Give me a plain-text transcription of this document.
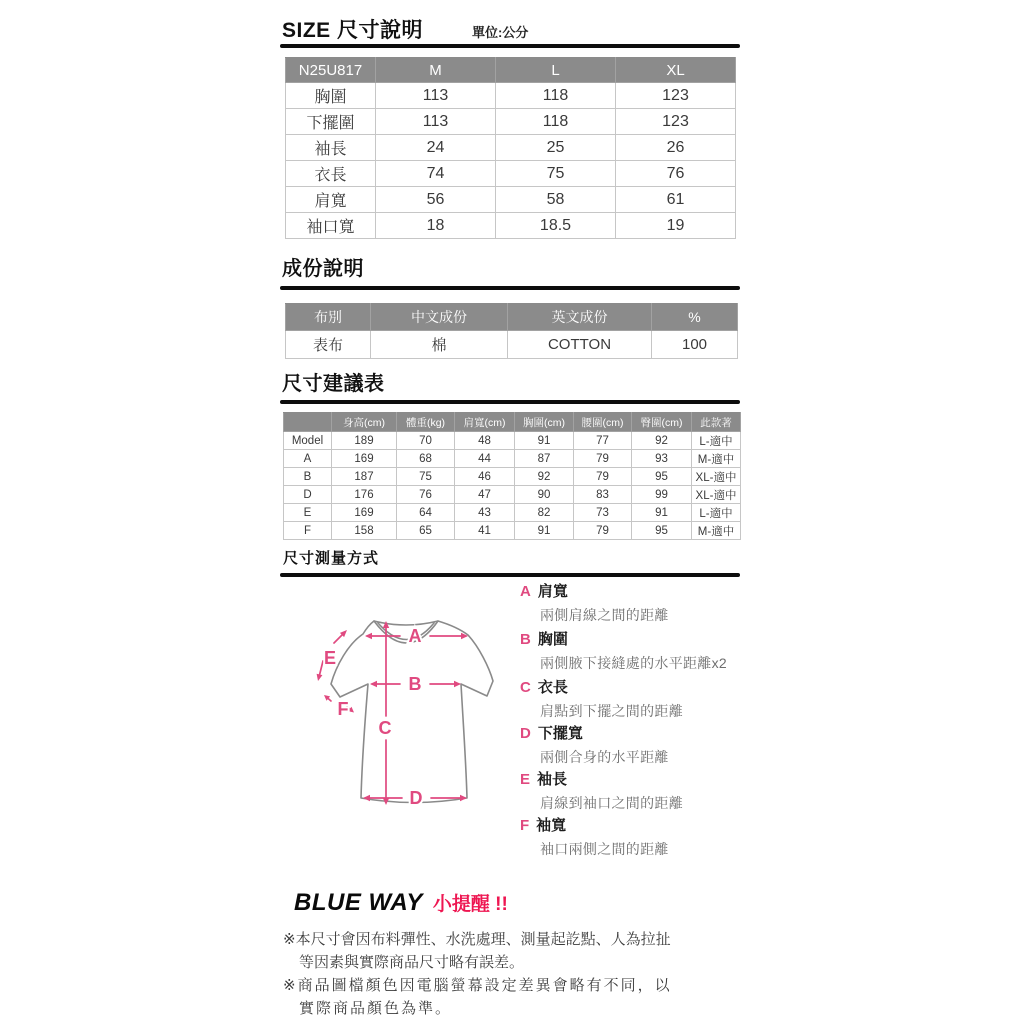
SIZE 尺寸說明	單位:公分
N25U817	M	L	XL
胸圍	113	118	123
下擺圍	113	118	123
袖長	24	25	26
衣長	74	75	76
肩寬	56	58	61
袖口寬	18	18.5	19
成份說明
布別	中文成份	英文成份	%
表布	棉	COTTON	100
尺寸建議表
	身高(cm)	體重(kg)	肩寬(cm)	胸圍(cm)	腰圍(cm)	臀圍(cm)	此款著
Model	189	70	48	91	77	92	L-適中
A	169	68	44	87	79	93	M-適中
B	187	75	46	92	79	95	XL-適中
D	176	76	47	90	83	99	XL-適中
E	169	64	43	82	73	91	L-適中
F	158	65	41	91	79	95	M-適中
尺寸測量方式
A
B
C
D
E
F
A 肩寬
兩側肩線之間的距離
B 胸圍
兩側腋下接縫處的水平距離x2
C 衣長
肩點到下擺之間的距離
D 下擺寬
兩側合身的水平距離
E 袖長
肩線到袖口之間的距離
F 袖寬
袖口兩側之間的距離
BLUE WAY 小提醒 !!
※本尺寸會因布料彈性、水洗處理、測量起訖點、人為拉扯
等因素與實際商品尺寸略有誤差。
※商品圖檔顏色因電腦螢幕設定差異會略有不同，以
實際商品顏色為準。
